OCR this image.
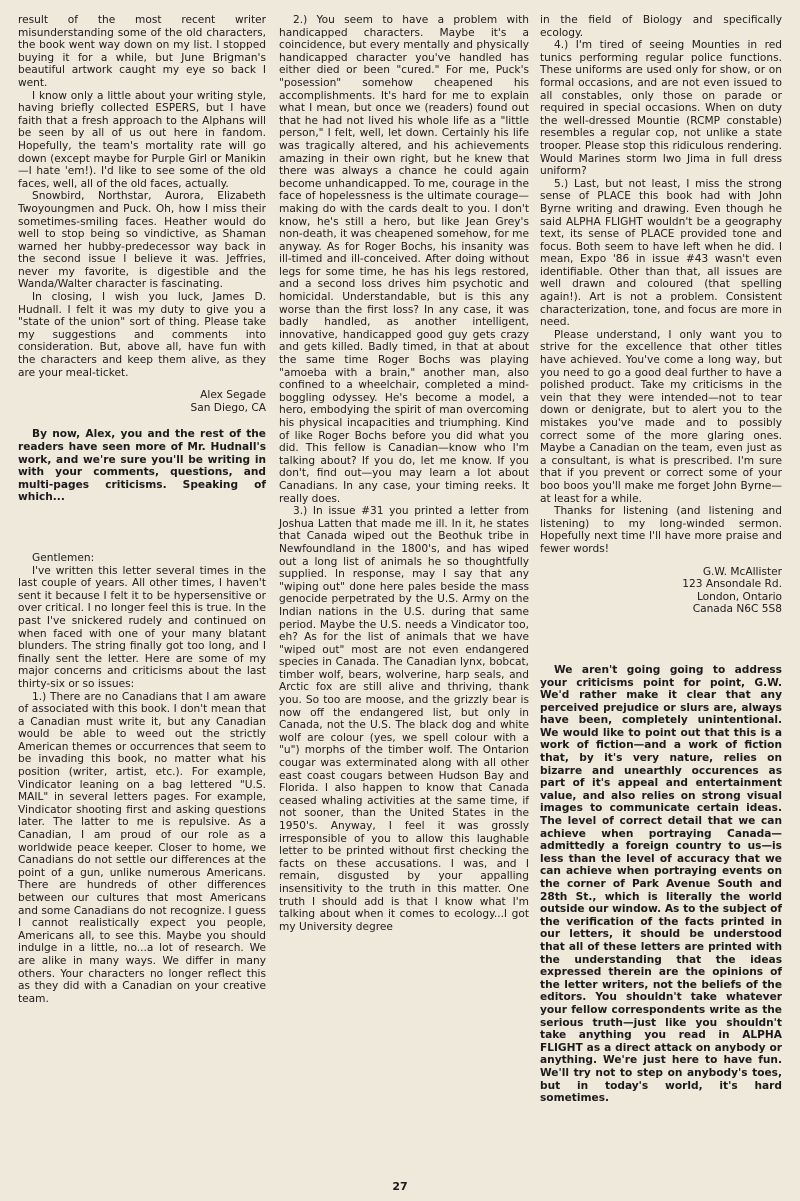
result of the most recent writer misunderstanding some of the old characters, the book went way down on my list. I stopped buying it for a while, but June Brigman's beautiful artwork caught my eye so back I went.

I know only a little about your writing style, having briefly collected ESPERS, but I have faith that a fresh approach to the Alphans will be seen by all of us out here in fandom. Hopefully, the team's mortality rate will go down (except maybe for Purple Girl or Manikin—I hate 'em!). I'd like to see some of the old faces, well, all of the old faces, actually.

Snowbird, Northstar, Aurora, Elizabeth Twoyoungmen and Puck. Oh, how I miss their sometimes-smiling faces. Heather would do well to stop being so vindictive, as Shaman warned her hubby-predecessor way back in the second issue I believe it was. Jeffries, never my favorite, is digestible and the Wanda/Walter character is fascinating.

In closing, I wish you luck, James D. Hudnall. I felt it was my duty to give you a "state of the union" sort of thing. Please take my suggestions and comments into consideration. But, above all, have fun with the characters and keep them alive, as they are your meal-ticket.

Alex Segade

San Diego, CA

By now, Alex, you and the rest of the readers have seen more of Mr. Hudnall's work, and we're sure you'll be writing in with your comments, questions, and multi-pages criticisms. Speaking of which...

Gentlemen:

I've written this letter several times in the last couple of years. All other times, I haven't sent it because I felt it to be hypersensitive or over critical. I no longer feel this is true. In the past I've snickered rudely and continued on when faced with one of your many blatant blunders. The string finally got too long, and I finally sent the letter. Here are some of my major concerns and criticisms about the last thirty-six or so issues:

1.) There are no Canadians that I am aware of associated with this book. I don't mean that a Canadian must write it, but any Canadian would be able to weed out the strictly American themes or occurrences that seem to be invading this book, no matter what his position (writer, artist, etc.). For example, Vindicator leaning on a bag lettered "U.S. MAIL" in several letters pages. For example, Vindicator shooting first and asking questions later. The latter to me is repulsive. As a Canadian, I am proud of our role as a worldwide peace keeper. Closer to home, we Canadians do not settle our differences at the point of a gun, unlike numerous Americans. There are hundreds of other differences between our cultures that most Americans and some Canadians do not recognize. I guess I cannot realistically expect you people, Americans all, to see this. Maybe you should indulge in a little, no...a lot of research. We are alike in many ways. We differ in many others. Your characters no longer reflect this as they did with a Canadian on your creative team.

2.) You seem to have a problem with handicapped characters. Maybe it's a coincidence, but every mentally and physically handicapped character you've handled has either died or been "cured." For me, Puck's "posession" somehow cheapened his accomplishments. It's hard for me to explain what I mean, but once we (readers) found out that he had not lived his whole life as a "little person," I felt, well, let down. Certainly his life was tragically altered, and his achievements amazing in their own right, but he knew that there was always a chance he could again become unhandicapped. To me, courage in the face of hopelessness is the ultimate courage—making do with the cards dealt to you. I don't know, he's still a hero, but like Jean Grey's non-death, it was cheapened somehow, for me anyway. As for Roger Bochs, his insanity was ill-timed and ill-conceived. After doing without legs for some time, he has his legs restored, and a second loss drives him psychotic and homicidal. Understandable, but is this any worse than the first loss? In any case, it was badly handled, as another intelligent, innovative, handicapped good guy gets crazy and gets killed. Badly timed, in that at about the same time Roger Bochs was playing "amoeba with a brain," another man, also confined to a wheelchair, completed a mind-boggling odyssey. He's become a model, a hero, embodying the spirit of man overcoming his physical incapacities and triumphing. Kind of like Roger Bochs before you did what you did. This fellow is Canadian—know who I'm talking about? If you do, let me know. If you don't, find out—you may learn a lot about Canadians. In any case, your timing reeks. It really does.

3.) In issue #31 you printed a letter from Joshua Latten that made me ill. In it, he states that Canada wiped out the Beothuk tribe in Newfoundland in the 1800's, and has wiped out a long list of animals he so thoughtfully supplied. In response, may I say that any "wiping out" done here pales beside the mass genocide perpetrated by the U.S. Army on the Indian nations in the U.S. during that same period. Maybe the U.S. needs a Vindicator too, eh? As for the list of animals that we have "wiped out" most are not even endangered species in Canada. The Canadian lynx, bobcat, timber wolf, bears, wolverine, harp seals, and Arctic fox are still alive and thriving, thank you. So too are moose, and the grizzly bear is now off the endangered list, but only in Canada, not the U.S. The black dog and white wolf are colour (yes, we spell colour with a "u") morphs of the timber wolf. The Ontarion cougar was exterminated along with all other east coast cougars between Hudson Bay and Florida. I also happen to know that Canada ceased whaling activities at the same time, if not sooner, than the United States in the 1950's. Anyway, I feel it was grossly irresponsible of you to allow this laughable letter to be printed without first checking the facts on these accusations. I was, and I remain, disgusted by your appalling insensitivity to the truth in this matter. One truth I should add is that I know what I'm talking about when it comes to ecology...I got my University degree

in the field of Biology and specifically ecology.

4.) I'm tired of seeing Mounties in red tunics performing regular police functions. These uniforms are used only for show, or on formal occasions, and are not even issued to all constables, only those on parade or required in special occasions. When on duty the well-dressed Mountie (RCMP constable) resembles a regular cop, not unlike a state trooper. Please stop this ridiculous rendering. Would Marines storm Iwo Jima in full dress uniform?

5.) Last, but not least, I miss the strong sense of PLACE this book had with John Byrne writing and drawing. Even though he said ALPHA FLIGHT wouldn't be a geography text, its sense of PLACE provided tone and focus. Both seem to have left when he did. I mean, Expo '86 in issue #43 wasn't even identifiable. Other than that, all issues are well drawn and coloured (that spelling again!). Art is not a problem. Consistent characterization, tone, and focus are more in need.

Please understand, I only want you to strive for the excellence that other titles have achieved. You've come a long way, but you need to go a good deal further to have a polished product. Take my criticisms in the vein that they were intended—not to tear down or denigrate, but to alert you to the mistakes you've made and to possibly correct some of the more glaring ones. Maybe a Canadian on the team, even just as a consultant, is what is prescribed. I'm sure that if you prevent or correct some of your boo boos you'll make me forget John Byrne—at least for a while.

Thanks for listening (and listening and listening) to my long-winded sermon. Hopefully next time I'll have more praise and fewer words!

G.W. McAllister

123 Ansondale Rd.

London, Ontario

Canada N6C 5S8

We aren't going going to address your criticisms point for point, G.W. We'd rather make it clear that any perceived prejudice or slurs are, always have been, completely unintentional. We would like to point out that this is a work of fiction—and a work of fiction that, by it's very nature, relies on bizarre and unearthly occurences as part of it's appeal and entertainment value, and also relies on strong visual images to communicate certain ideas. The level of correct detail that we can achieve when portraying Canada—admittedly a foreign country to us—is less than the level of accuracy that we can achieve when portraying events on the corner of Park Avenue South and 28th St., which is literally the world outside our window. As to the subject of the verification of the facts printed in our letters, it should be understood that all of these letters are printed with the understanding that the ideas expressed therein are the opinions of the letter writers, not the beliefs of the editors. You shouldn't take whatever your fellow correspondents write as the serious truth—just like you shouldn't take anything you read in ALPHA FLIGHT as a direct attack on anybody or anything. We're just here to have fun. We'll try not to step on anybody's toes, but in today's world, it's hard sometimes.

27
